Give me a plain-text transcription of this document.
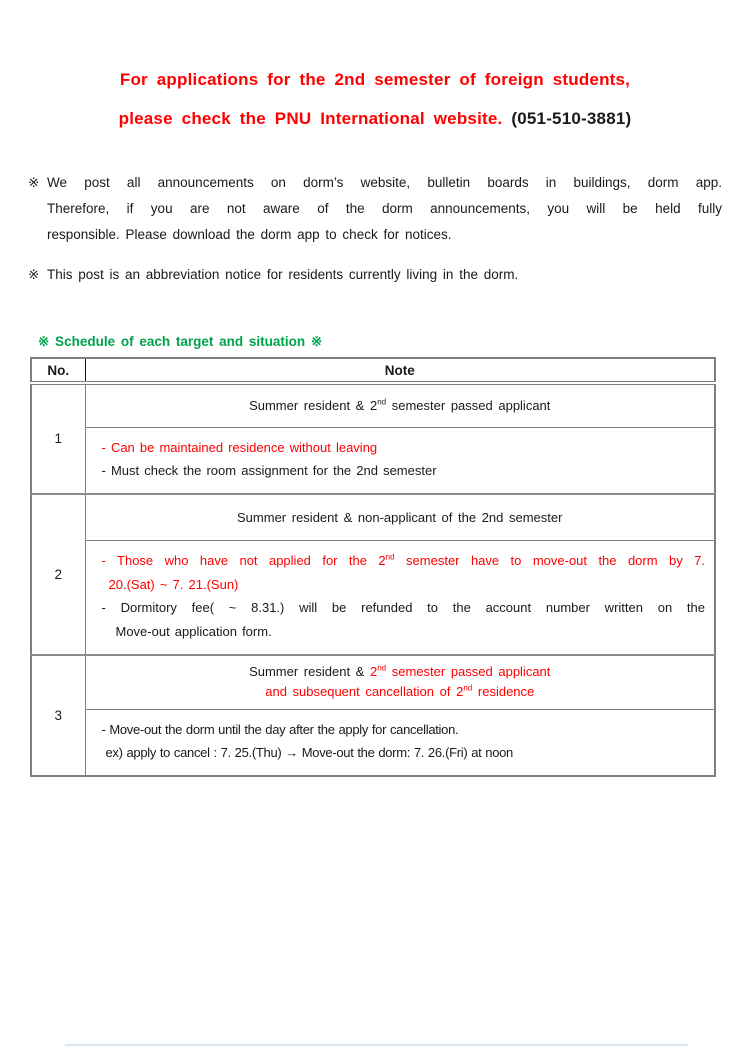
For applications for the 2nd semester of foreign students,
please check the PNU International website. (051-510-3881)
※ We post all announcements on dorm’s website, bulletin boards in buildings, dorm app.
Therefore, if you are not aware of the dorm announcements, you will be held fully
responsible. Please download the dorm app to check for notices.
※ This post is an abbreviation notice for residents currently living in the dorm.
※ Schedule of each target and situation ※
No.	Note
1	Summer resident & 2nd semester passed applicant

	- Can be maintained residence without leaving
- Must check the room assignment for the 2nd semester

2	Summer resident & non-applicant of the 2nd semester

	- Those who have not applied for the 2nd semester have to move-out the dorm by 7.
20.(Sat) ~ 7. 21.(Sun)
- Dormitory fee( ~ 8.31.) will be refunded to the account number written on the
Move-out application form.

3	Summer resident & 2nd semester passed applicant
and subsequent cancellation of 2nd residence

	- Move-out the dorm until the day after the apply for cancellation.
ex) apply to cancel : 7. 25.(Thu) → Move-out the dorm: 7. 26.(Fri) at noon
